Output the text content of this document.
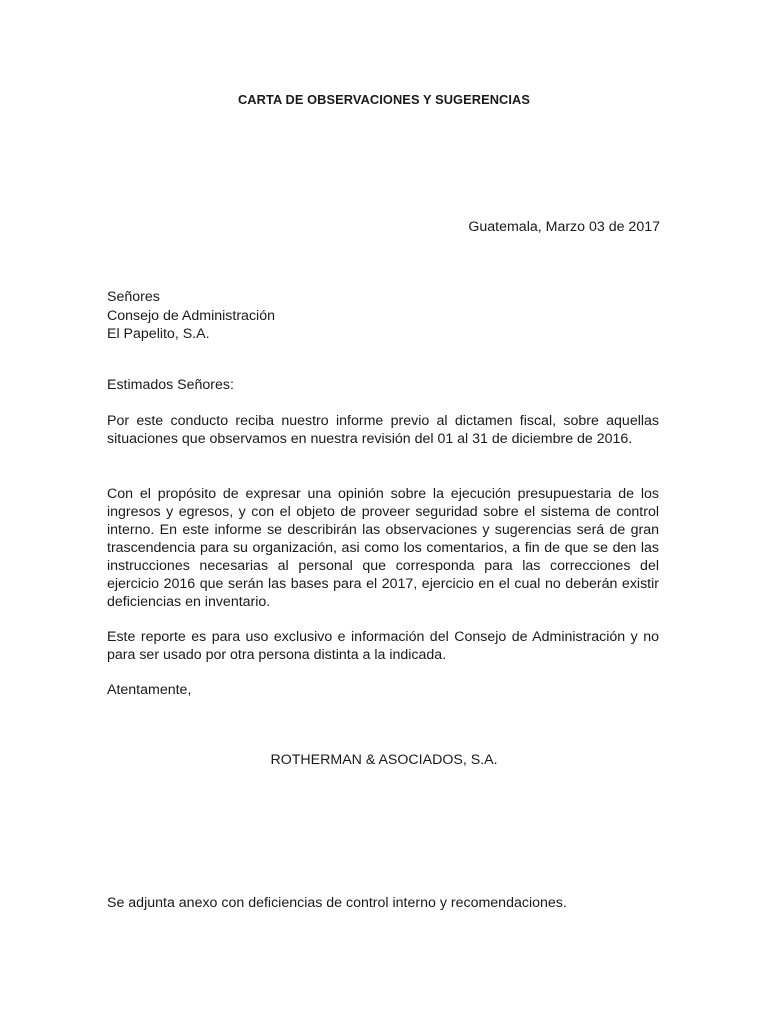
CARTA DE OBSERVACIONES Y SUGERENCIAS
Guatemala, Marzo 03 de 2017
Señores
Consejo de Administración
El Papelito, S.A.
Estimados Señores:

Por este conducto reciba nuestro informe previo al dictamen fiscal, sobre aquellas situaciones que observamos en nuestra revisión del 01 al 31 de diciembre de 2016.

Con el propósito de expresar una opinión sobre la ejecución presupuestaria de los ingresos y egresos, y con el objeto de proveer seguridad sobre el sistema de control interno. En este informe se describirán las observaciones y sugerencias será de gran trascendencia para su organización, asi como los comentarios, a fin de que se den las instrucciones necesarias al personal que corresponda para las correcciones del ejercicio 2016 que serán las bases para el 2017, ejercicio en el cual no deberán existir deficiencias en inventario.

Este reporte es para uso exclusivo e información del Consejo de Administración y no para ser usado por otra persona distinta a la indicada.

Atentamente,
ROTHERMAN & ASOCIADOS, S.A.
Se adjunta anexo con deficiencias de control interno y recomendaciones.
